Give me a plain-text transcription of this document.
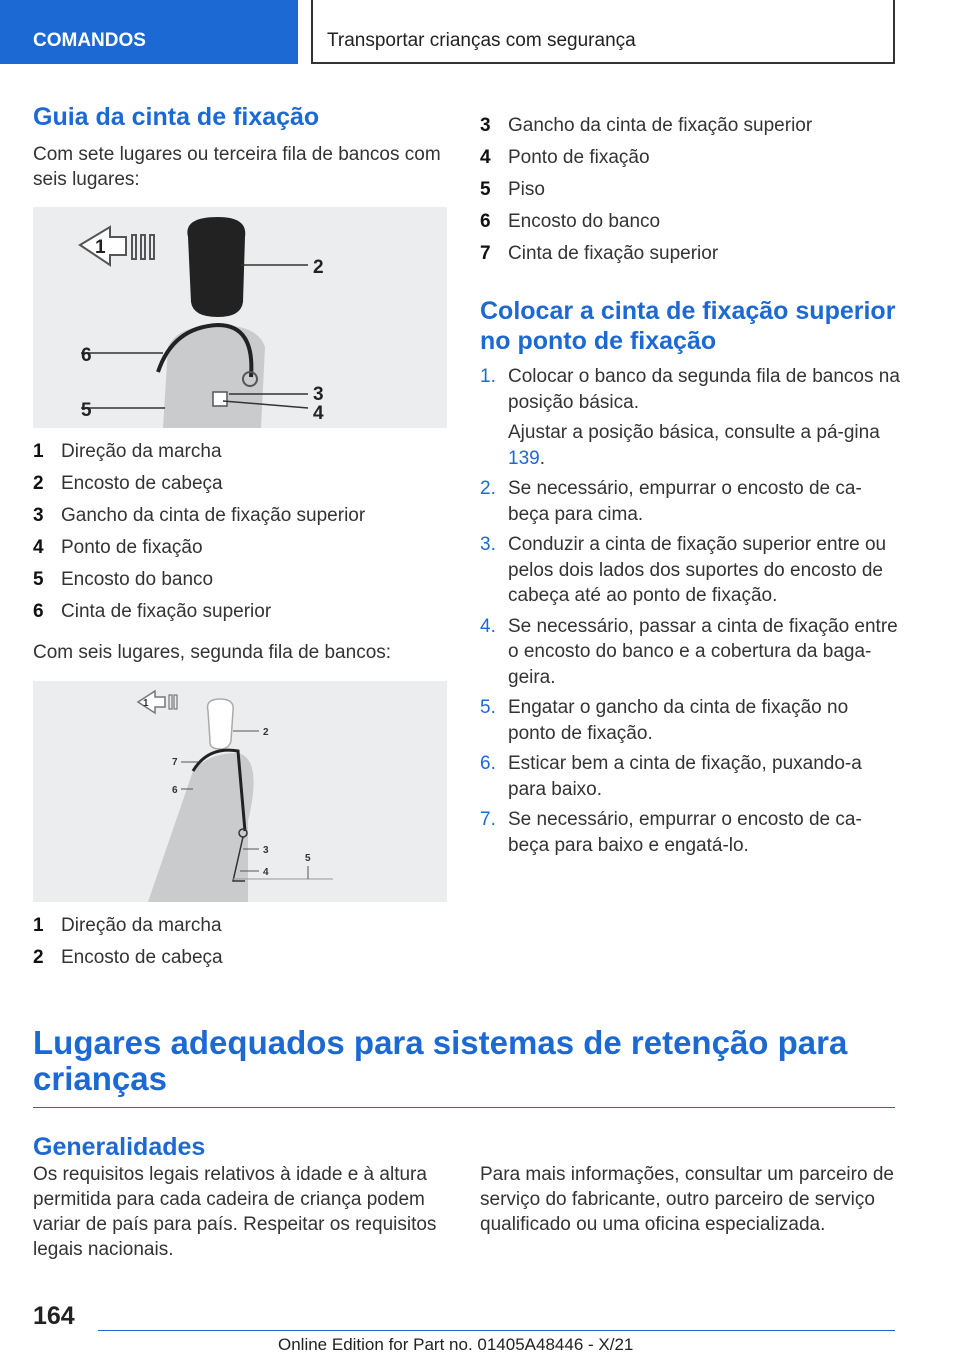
COMANDOS	Transportar crianças com segurança
Guia da cinta de fixação
Com sete lugares ou terceira fila de bancos com seis lugares:
1
2
6
3
5	4
1 Direção da marcha
2 Encosto de cabeça
3 Gancho da cinta de fixação superior
4 Ponto de fixação
5 Encosto do banco
6 Cinta de fixação superior
Com seis lugares, segunda fila de bancos:
1
2
7
6
3
4
5
1 Direção da marcha
2 Encosto de cabeça
3 Gancho da cinta de fixação superior
4 Ponto de fixação
5 Piso
6 Encosto do banco
7 Cinta de fixação superior
Colocar a cinta de fixação superior no ponto de fixação
1. Colocar o banco da segunda fila de bancos na posição básica.
Ajustar a posição básica, consulte a pá-gina 139.
2. Se necessário, empurrar o encosto de ca-beça para cima.
3. Conduzir a cinta de fixação superior entre ou pelos dois lados dos suportes do encosto de cabeça até ao ponto de fixação.
4. Se necessário, passar a cinta de fixação entre o encosto do banco e a cobertura da baga-geira.
5. Engatar o gancho da cinta de fixação no ponto de fixação.
6. Esticar bem a cinta de fixação, puxando-a para baixo.
7. Se necessário, empurrar o encosto de ca-beça para baixo e engatá-lo.
Lugares adequados para sistemas de retenção para crianças
Generalidades
Os requisitos legais relativos à idade e à altura permitida para cada cadeira de criança podem variar de país para país. Respeitar os requisitos legais nacionais.
Para mais informações, consultar um parceiro de serviço do fabricante, outro parceiro de serviço qualificado ou uma oficina especializada.
164
Online Edition for Part no. 01405A48446 - X/21
